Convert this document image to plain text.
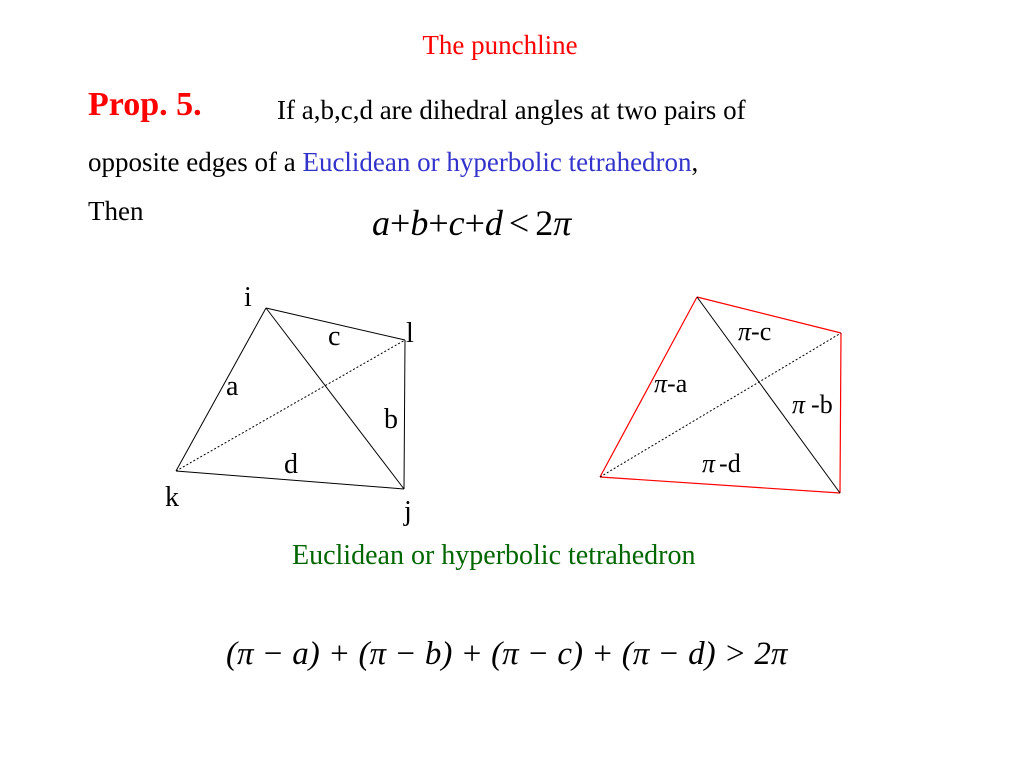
The punchline
Prop. 5.	If a,b,c,d are dihedral angles at two pairs of
opposite edges of a Euclidean or hyperbolic tetrahedron,
Then	a+b+c+d < 2π
i
l
k	j
c
a
b
d
π-c
π-a
π -b
π -d
Euclidean or hyperbolic tetrahedron
(π − a) + (π − b) + (π − c) + (π − d) > 2π
